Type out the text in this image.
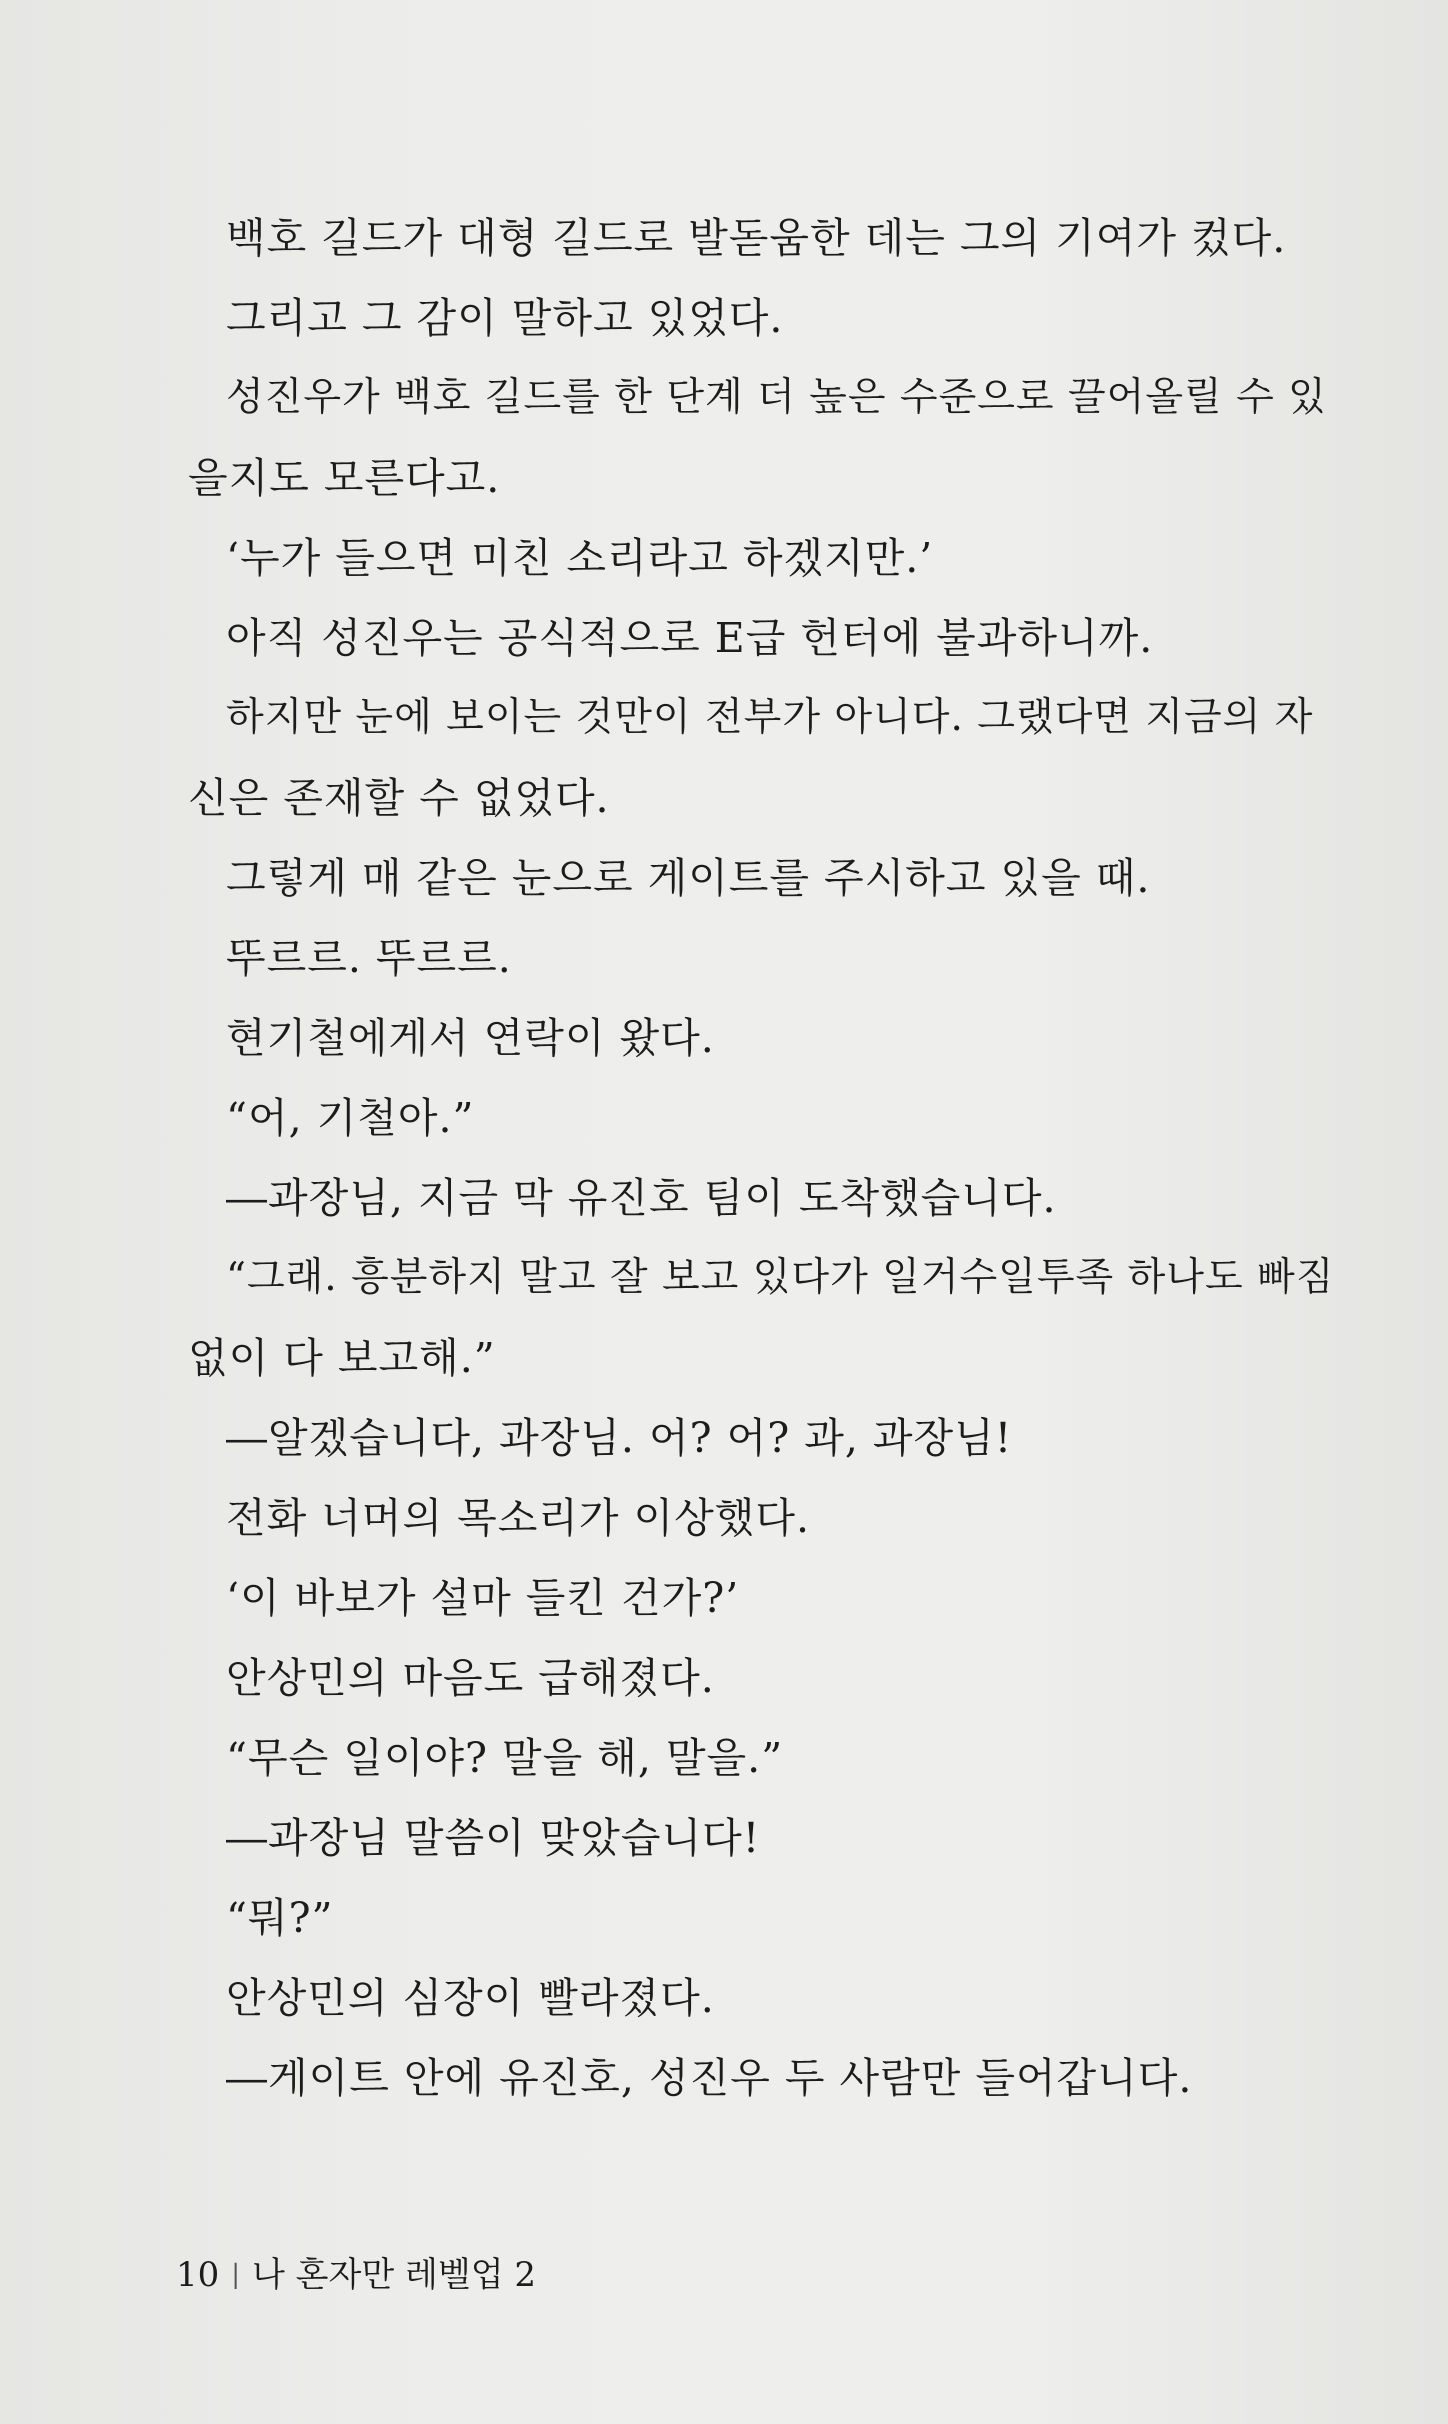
백호 길드가 대형 길드로 발돋움한 데는 그의 기여가 컸다.
그리고 그 감이 말하고 있었다.
성진우가 백호 길드를 한 단계 더 높은 수준으로 끌어올릴 수 있
을지도 모른다고.
‘누가 들으면 미친 소리라고 하겠지만.’
아직 성진우는 공식적으로 E급 헌터에 불과하니까.
하지만 눈에 보이는 것만이 전부가 아니다. 그랬다면 지금의 자
신은 존재할 수 없었다.
그렇게 매 같은 눈으로 게이트를 주시하고 있을 때.
뚜르르. 뚜르르.
현기철에게서 연락이 왔다.
“어, 기철아.”
―과장님, 지금 막 유진호 팀이 도착했습니다.
“그래. 흥분하지 말고 잘 보고 있다가 일거수일투족 하나도 빠짐
없이 다 보고해.”
―알겠습니다, 과장님. 어? 어? 과, 과장님!
전화 너머의 목소리가 이상했다.
‘이 바보가 설마 들킨 건가?’
안상민의 마음도 급해졌다.
“무슨 일이야? 말을 해, 말을.”
―과장님 말씀이 맞았습니다!
“뭐?”
안상민의 심장이 빨라졌다.
―게이트 안에 유진호, 성진우 두 사람만 들어갑니다.
10 | 나 혼자만 레벨업 2
